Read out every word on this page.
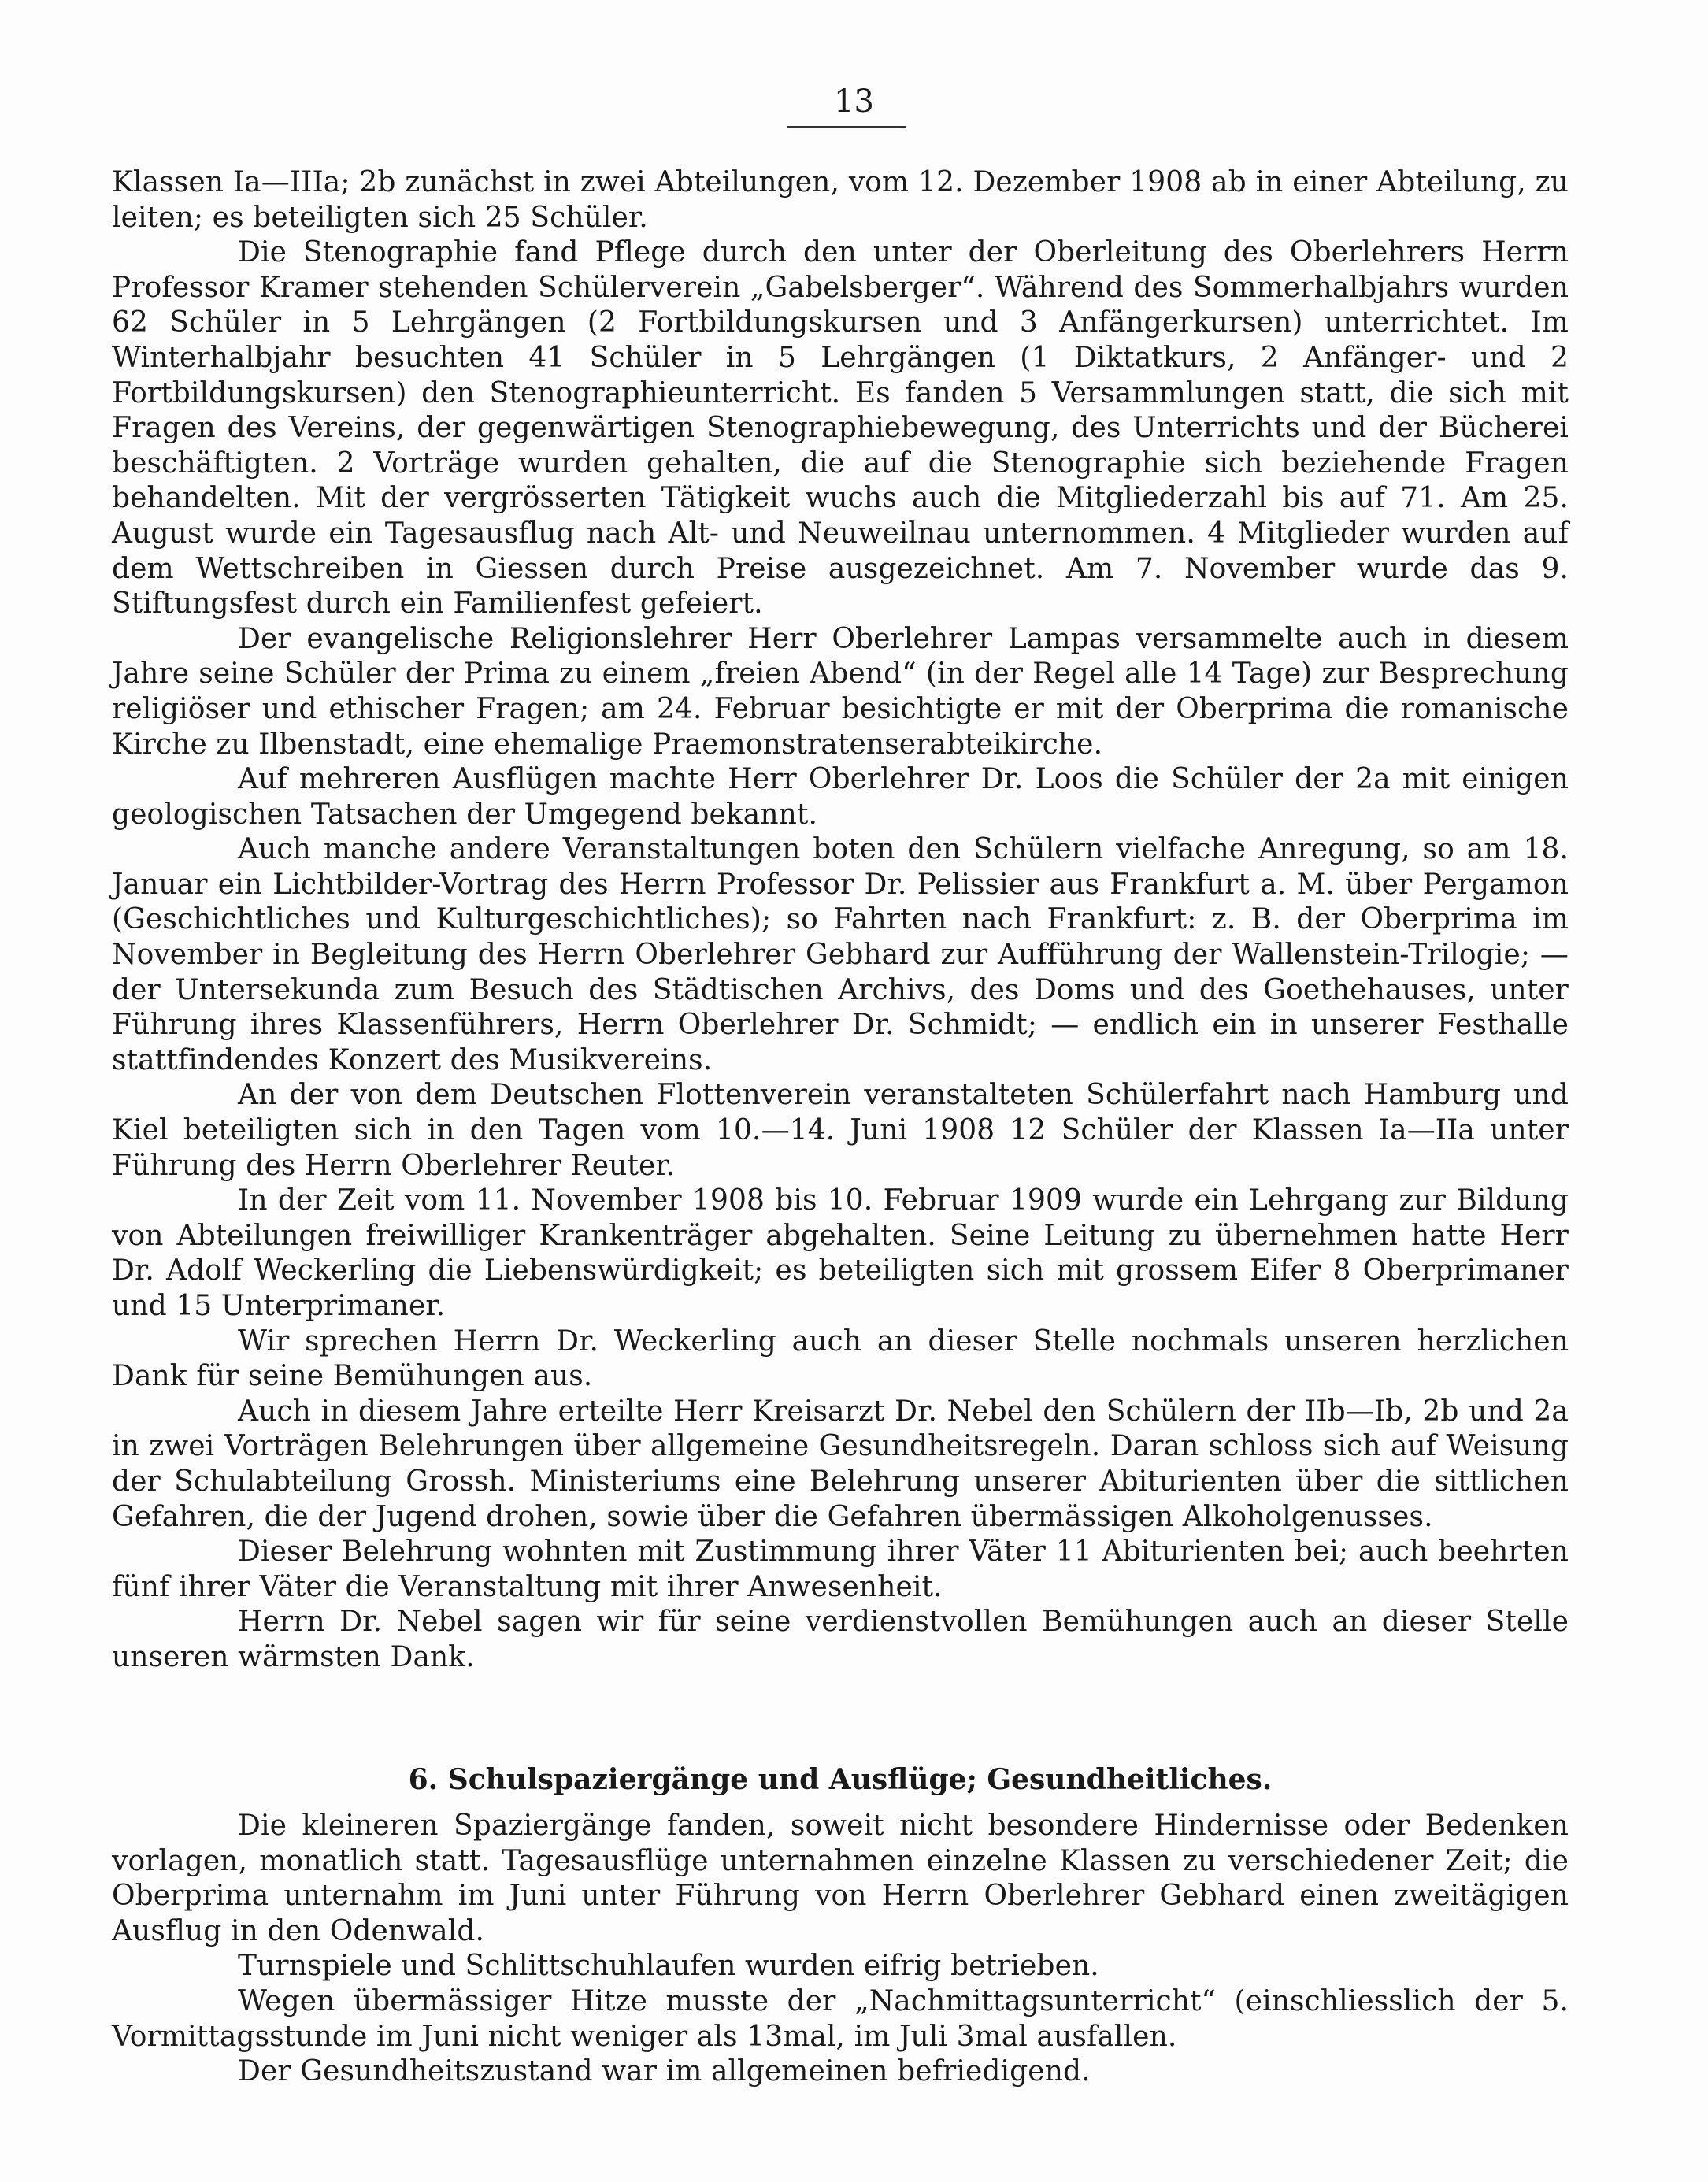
13

Klassen Ia—IIIa; 2b zunächst in zwei Abteilungen, vom 12. Dezember 1908 ab in einer Abteilung, zu leiten; es beteiligten sich 25 Schüler.

Die Stenographie fand Pflege durch den unter der Oberleitung des Oberlehrers Herrn Professor Kramer stehenden Schülerverein „Gabelsberger“. Während des Sommerhalbjahrs wurden 62 Schüler in 5 Lehrgängen (2 Fortbildungskursen und 3 Anfängerkursen) unterrichtet. Im Winterhalbjahr besuchten 41 Schüler in 5 Lehrgängen (1 Diktatkurs, 2 Anfänger- und 2 Fortbildungskursen) den Stenographieunterricht. Es fanden 5 Versammlungen statt, die sich mit Fragen des Vereins, der gegenwärtigen Stenographiebewegung, des Unterrichts und der Bücherei beschäftigten. 2 Vorträge wurden gehalten, die auf die Stenographie sich beziehende Fragen behandelten. Mit der vergrösserten Tätigkeit wuchs auch die Mitgliederzahl bis auf 71. Am 25. August wurde ein Tagesausflug nach Alt- und Neuweilnau unternommen. 4 Mitglieder wurden auf dem Wettschreiben in Giessen durch Preise ausgezeichnet. Am 7. November wurde das 9. Stiftungsfest durch ein Familienfest gefeiert.

Der evangelische Religionslehrer Herr Oberlehrer Lampas versammelte auch in diesem Jahre seine Schüler der Prima zu einem „freien Abend“ (in der Regel alle 14 Tage) zur Besprechung religiöser und ethischer Fragen; am 24. Februar besichtigte er mit der Oberprima die romanische Kirche zu Ilbenstadt, eine ehemalige Praemonstratenserabteikirche.

Auf mehreren Ausflügen machte Herr Oberlehrer Dr. Loos die Schüler der 2a mit einigen geologischen Tatsachen der Umgegend bekannt.

Auch manche andere Veranstaltungen boten den Schülern vielfache Anregung, so am 18. Januar ein Lichtbilder-Vortrag des Herrn Professor Dr. Pelissier aus Frankfurt a. M. über Pergamon (Geschichtliches und Kulturgeschichtliches); so Fahrten nach Frankfurt: z. B. der Oberprima im November in Begleitung des Herrn Oberlehrer Gebhard zur Aufführung der Wallenstein-Trilogie; — der Untersekunda zum Besuch des Städtischen Archivs, des Doms und des Goethehauses, unter Führung ihres Klassenführers, Herrn Oberlehrer Dr. Schmidt; — endlich ein in unserer Festhalle stattfindendes Konzert des Musikvereins.

An der von dem Deutschen Flottenverein veranstalteten Schülerfahrt nach Hamburg und Kiel beteiligten sich in den Tagen vom 10.—14. Juni 1908 12 Schüler der Klassen Ia—IIa unter Führung des Herrn Oberlehrer Reuter.

In der Zeit vom 11. November 1908 bis 10. Februar 1909 wurde ein Lehrgang zur Bildung von Abteilungen freiwilliger Krankenträger abgehalten. Seine Leitung zu übernehmen hatte Herr Dr. Adolf Weckerling die Liebenswürdigkeit; es beteiligten sich mit grossem Eifer 8 Oberprimaner und 15 Unterprimaner.

Wir sprechen Herrn Dr. Weckerling auch an dieser Stelle nochmals unseren herzlichen Dank für seine Bemühungen aus.

Auch in diesem Jahre erteilte Herr Kreisarzt Dr. Nebel den Schülern der IIb—Ib, 2b und 2a in zwei Vorträgen Belehrungen über allgemeine Gesundheitsregeln. Daran schloss sich auf Weisung der Schulabteilung Grossh. Ministeriums eine Belehrung unserer Abiturienten über die sittlichen Gefahren, die der Jugend drohen, sowie über die Gefahren übermässigen Alkoholgenusses.

Dieser Belehrung wohnten mit Zustimmung ihrer Väter 11 Abiturienten bei; auch beehrten fünf ihrer Väter die Veranstaltung mit ihrer Anwesenheit.

Herrn Dr. Nebel sagen wir für seine verdienstvollen Bemühungen auch an dieser Stelle unseren wärmsten Dank.

6. Schulspaziergänge und Ausflüge; Gesundheitliches.

Die kleineren Spaziergänge fanden, soweit nicht besondere Hindernisse oder Bedenken vorlagen, monatlich statt. Tagesausflüge unternahmen einzelne Klassen zu verschiedener Zeit; die Oberprima unternahm im Juni unter Führung von Herrn Oberlehrer Gebhard einen zweitägigen Ausflug in den Odenwald.

Turnspiele und Schlittschuhlaufen wurden eifrig betrieben.

Wegen übermässiger Hitze musste der „Nachmittagsunterricht“ (einschliesslich der 5. Vormittagsstunde im Juni nicht weniger als 13mal, im Juli 3mal ausfallen.

Der Gesundheitszustand war im allgemeinen befriedigend.
